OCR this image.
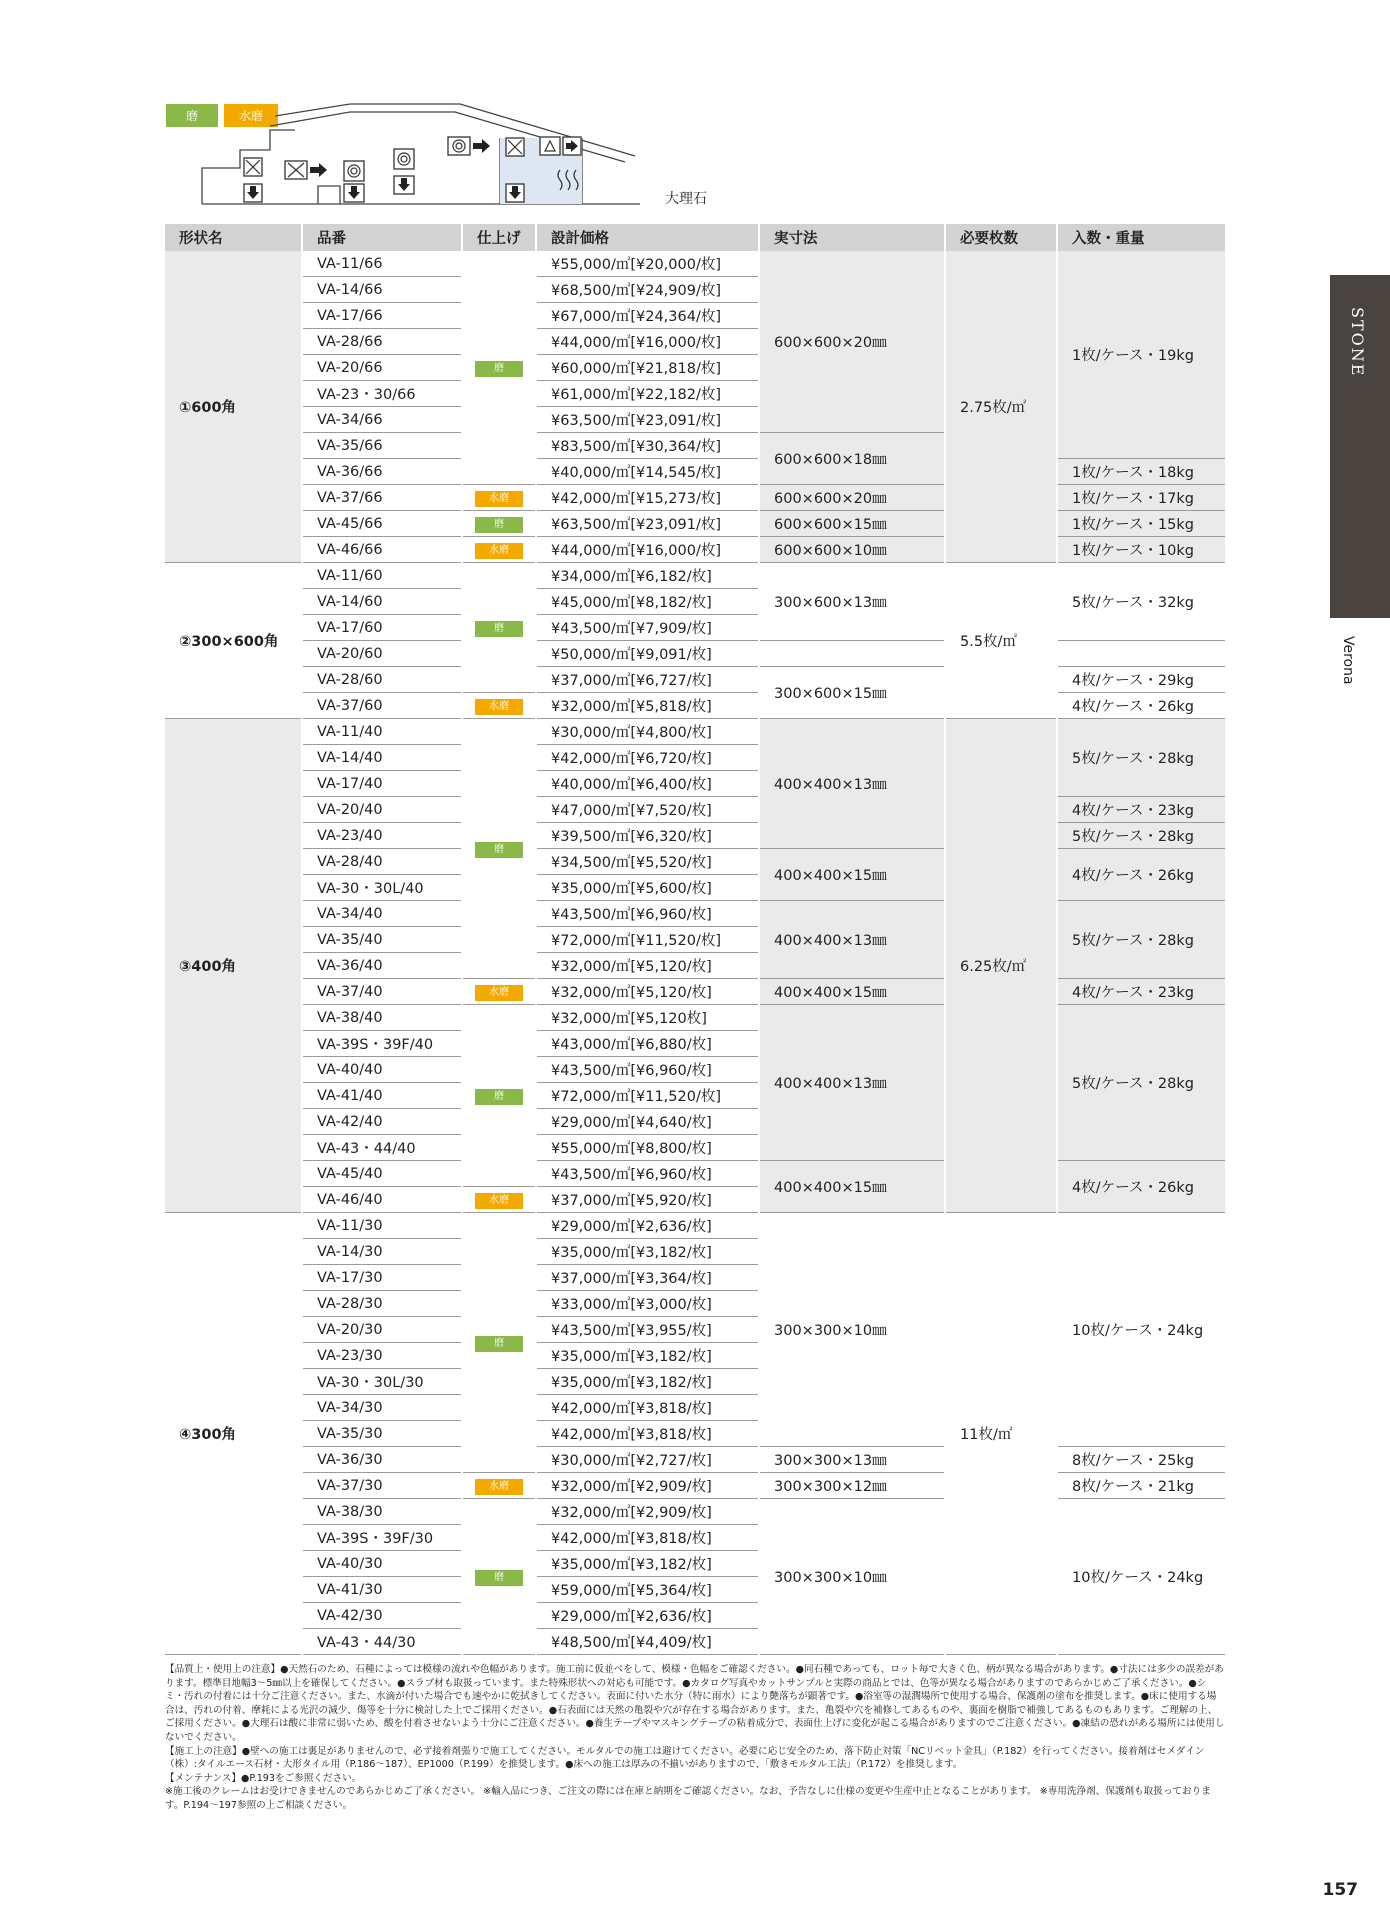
磨	水磨
大理石
形状名	品番	仕上げ	設計価格	実寸法	必要枚数	入数・重量
①600角	VA-11/66	磨	¥55,000/㎡[¥20,000/枚]	600×600×20㎜	2.75枚/㎡	1枚/ケース・19kg
	VA-14/66		¥68,500/㎡[¥24,909/枚]			
	VA-17/66		¥67,000/㎡[¥24,364/枚]			
	VA-28/66		¥44,000/㎡[¥16,000/枚]			
	VA-20/66		¥60,000/㎡[¥21,818/枚]			
	VA-23・30/66		¥61,000/㎡[¥22,182/枚]			
	VA-34/66		¥63,500/㎡[¥23,091/枚]			
	VA-35/66		¥83,500/㎡[¥30,364/枚]	600×600×18㎜		
	VA-36/66		¥40,000/㎡[¥14,545/枚]			1枚/ケース・18kg
	VA-37/66	水磨	¥42,000/㎡[¥15,273/枚]	600×600×20㎜		1枚/ケース・17kg
	VA-45/66	磨	¥63,500/㎡[¥23,091/枚]	600×600×15㎜		1枚/ケース・15kg
	VA-46/66	水磨	¥44,000/㎡[¥16,000/枚]	600×600×10㎜		1枚/ケース・10kg
②300×600角	VA-11/60	磨	¥34,000/㎡[¥6,182/枚]	300×600×13㎜	5.5枚/㎡	5枚/ケース・32kg
	VA-14/60		¥45,000/㎡[¥8,182/枚]			
	VA-17/60		¥43,500/㎡[¥7,909/枚]			
	VA-20/60		¥50,000/㎡[¥9,091/枚]			
	VA-28/60		¥37,000/㎡[¥6,727/枚]	300×600×15㎜		4枚/ケース・29kg
	VA-37/60	水磨	¥32,000/㎡[¥5,818/枚]			4枚/ケース・26kg
③400角	VA-11/40	磨	¥30,000/㎡[¥4,800/枚]	400×400×13㎜	6.25枚/㎡	5枚/ケース・28kg
	VA-14/40		¥42,000/㎡[¥6,720/枚]			
	VA-17/40		¥40,000/㎡[¥6,400/枚]			
	VA-20/40		¥47,000/㎡[¥7,520/枚]			4枚/ケース・23kg
	VA-23/40		¥39,500/㎡[¥6,320/枚]			5枚/ケース・28kg
	VA-28/40		¥34,500/㎡[¥5,520/枚]	400×400×15㎜		4枚/ケース・26kg
	VA-30・30L/40		¥35,000/㎡[¥5,600/枚]			
	VA-34/40		¥43,500/㎡[¥6,960/枚]	400×400×13㎜		5枚/ケース・28kg
	VA-35/40		¥72,000/㎡[¥11,520/枚]			
	VA-36/40		¥32,000/㎡[¥5,120/枚]			
	VA-37/40	水磨	¥32,000/㎡[¥5,120/枚]	400×400×15㎜		4枚/ケース・23kg
	VA-38/40	磨	¥32,000/㎡[¥5,120枚]	400×400×13㎜		5枚/ケース・28kg
	VA-39S・39F/40		¥43,000/㎡[¥6,880/枚]			
	VA-40/40		¥43,500/㎡[¥6,960/枚]			
	VA-41/40		¥72,000/㎡[¥11,520/枚]			
	VA-42/40		¥29,000/㎡[¥4,640/枚]			
	VA-43・44/40		¥55,000/㎡[¥8,800/枚]			
	VA-45/40		¥43,500/㎡[¥6,960/枚]	400×400×15㎜		4枚/ケース・26kg
	VA-46/40	水磨	¥37,000/㎡[¥5,920/枚]			
④300角	VA-11/30	磨	¥29,000/㎡[¥2,636/枚]	300×300×10㎜	11枚/㎡	10枚/ケース・24kg
	VA-14/30		¥35,000/㎡[¥3,182/枚]			
	VA-17/30		¥37,000/㎡[¥3,364/枚]			
	VA-28/30		¥33,000/㎡[¥3,000/枚]			
	VA-20/30		¥43,500/㎡[¥3,955/枚]			
	VA-23/30		¥35,000/㎡[¥3,182/枚]			
	VA-30・30L/30		¥35,000/㎡[¥3,182/枚]			
	VA-34/30		¥42,000/㎡[¥3,818/枚]			
	VA-35/30		¥42,000/㎡[¥3,818/枚]			
	VA-36/30		¥30,000/㎡[¥2,727/枚]	300×300×13㎜		8枚/ケース・25kg
	VA-37/30	水磨	¥32,000/㎡[¥2,909/枚]	300×300×12㎜		8枚/ケース・21kg
	VA-38/30	磨	¥32,000/㎡[¥2,909/枚]	300×300×10㎜		10枚/ケース・24kg
	VA-39S・39F/30		¥42,000/㎡[¥3,818/枚]			
	VA-40/30		¥35,000/㎡[¥3,182/枚]			
	VA-41/30		¥59,000/㎡[¥5,364/枚]			
	VA-42/30		¥29,000/㎡[¥2,636/枚]			
	VA-43・44/30		¥48,500/㎡[¥4,409/枚]			
STONE
Verona

【品質上・使用上の注意】●天然石のため、石種によっては模様の流れや色幅があります。施工前に仮並べをして、模様・色幅をご確認ください。●同石種であっても、ロット毎で大きく色、柄が異なる場合があります。●寸法には多少の誤差があります。標準目地幅3～5㎜以上を確保してください。●スラブ材も取扱っています。また特殊形状への対応も可能です。●カタログ写真やカットサンプルと実際の商品とでは、色等が異なる場合がありますのであらかじめご了承ください。●シミ・汚れの付着には十分ご注意ください。また、水滴が付いた場合でも速やかに乾拭きしてください。表面に付いた水分（特に雨水）により艶落ちが顕著です。●浴室等の湿潤場所で使用する場合、保護剤の塗布を推奨します。●床に使用する場合は、汚れの付着、摩耗による光沢の減少、傷等を十分に検討した上でご採用ください。●石表面には天然の亀裂や穴が存在する場合があります。また、亀裂や穴を補修してあるものや、裏面を樹脂で補強してあるものもあります。ご理解の上、ご採用ください。●大理石は酸に非常に弱いため、酸を付着させないよう十分にご注意ください。●養生テープやマスキングテープの粘着成分で、表面仕上げに変化が起こる場合がありますのでご注意ください。●凍結の恐れがある場所には使用しないでください。

【施工上の注意】●壁への施工は裏足がありませんので、必ず接着剤張りで施工してください。モルタルでの施工は避けてください。必要に応じ安全のため、落下防止対策「NCリベット金具」（P.182）を行ってください。接着剤はセメダイン（株）:タイルエース石材・大形タイル用（P.186～187）、EP1000（P.199）を推奨します。●床への施工は厚みの不揃いがありますので、「敷きモルタル工法」（P.172）を推奨します。

【メンテナンス】●P.193をご参照ください。

※施工後のクレームはお受けできませんのであらかじめご了承ください。 ※輸入品につき、ご注文の際には在庫と納期をご確認ください。なお、予告なしに仕様の変更や生産中止となることがあります。 ※専用洗浄剤、保護剤も取扱っております。P.194～197参照の上ご相談ください。

157
